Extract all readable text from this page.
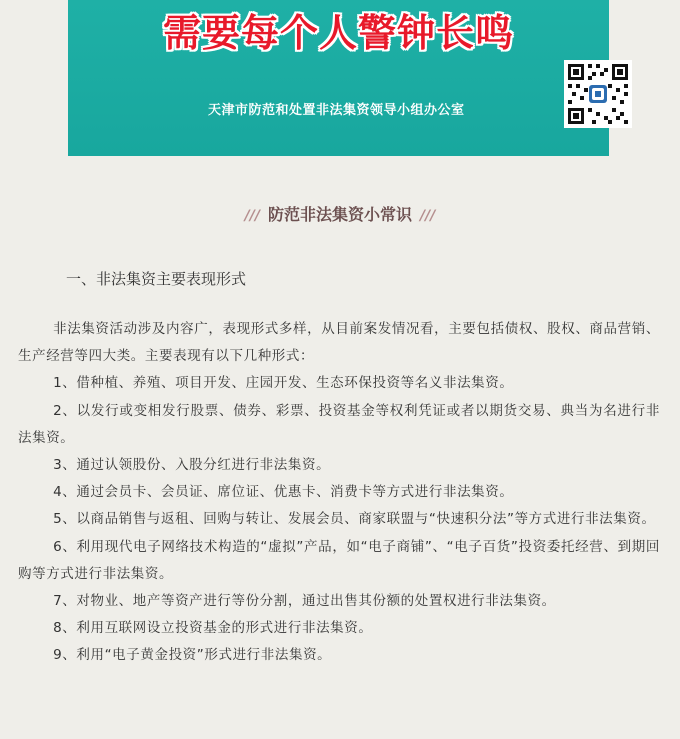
需要每个人警钟长鸣
天津市防范和处置非法集资领导小组办公室
/// 防范非法集资小常识 ///
一、非法集资主要表现形式

非法集资活动涉及内容广，表现形式多样，从目前案发情况看，主要包括债权、股权、商品营销、生产经营等四大类。主要表现有以下几种形式：

1、借种植、养殖、项目开发、庄园开发、生态环保投资等名义非法集资。

2、以发行或变相发行股票、债券、彩票、投资基金等权利凭证或者以期货交易、典当为名进行非法集资。

3、通过认领股份、入股分红进行非法集资。

4、通过会员卡、会员证、席位证、优惠卡、消费卡等方式进行非法集资。

5、以商品销售与返租、回购与转让、发展会员、商家联盟与“快速积分法”等方式进行非法集资。

6、利用现代电子网络技术构造的“虚拟”产品，如“电子商铺”、“电子百货”投资委托经营、到期回购等方式进行非法集资。

7、对物业、地产等资产进行等份分割，通过出售其份额的处置权进行非法集资。

8、利用互联网设立投资基金的形式进行非法集资。

9、利用“电子黄金投资”形式进行非法集资。
